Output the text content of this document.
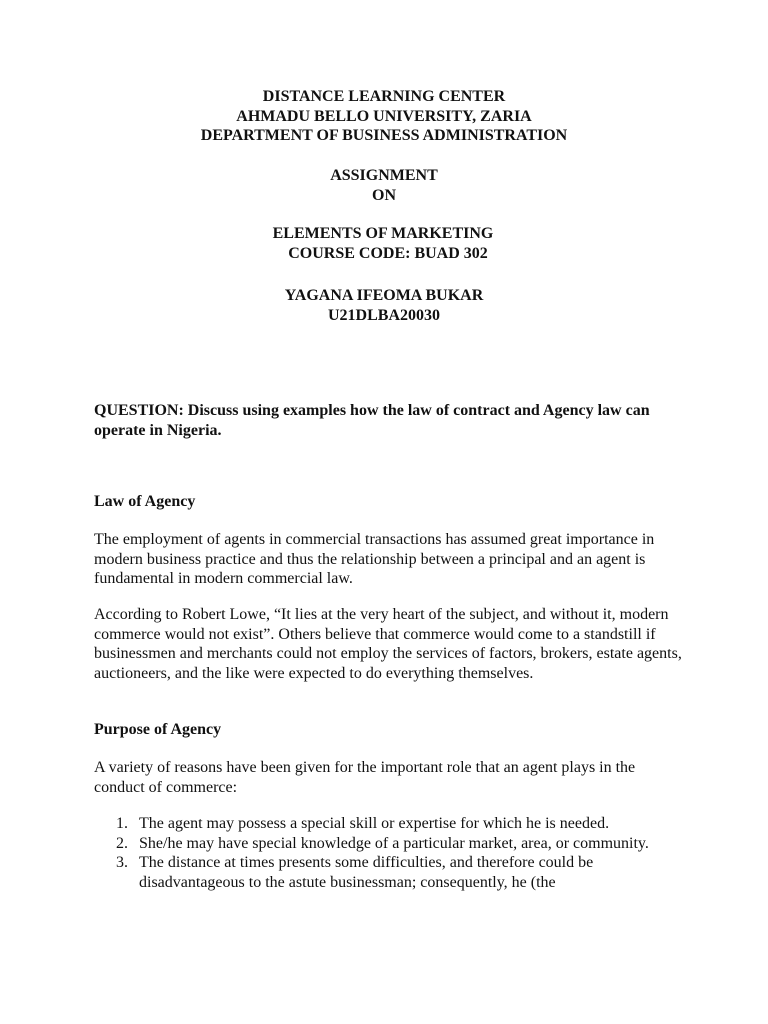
DISTANCE LEARNING CENTER
AHMADU BELLO UNIVERSITY, ZARIA
DEPARTMENT OF BUSINESS ADMINISTRATION
ASSIGNMENT
ON
ELEMENTS OF MARKETING
COURSE CODE: BUAD 302
YAGANA IFEOMA BUKAR
U21DLBA20030
QUESTION: Discuss using examples how the law of contract and Agency law can operate in Nigeria.
Law of Agency
The employment of agents in commercial transactions has assumed great importance in modern business practice and thus the relationship between a principal and an agent is fundamental in modern commercial law.
According to Robert Lowe, “It lies at the very heart of the subject, and without it, modern commerce would not exist”. Others believe that commerce would come to a standstill if businessmen and merchants could not employ the services of factors, brokers, estate agents, auctioneers, and the like were expected to do everything themselves.
Purpose of Agency
A variety of reasons have been given for the important role that an agent plays in the conduct of commerce:
1. The agent may possess a special skill or expertise for which he is needed.
2. She/he may have special knowledge of a particular market, area, or community.
3. The distance at times presents some difficulties, and therefore could be disadvantageous to the astute businessman; consequently, he (the
